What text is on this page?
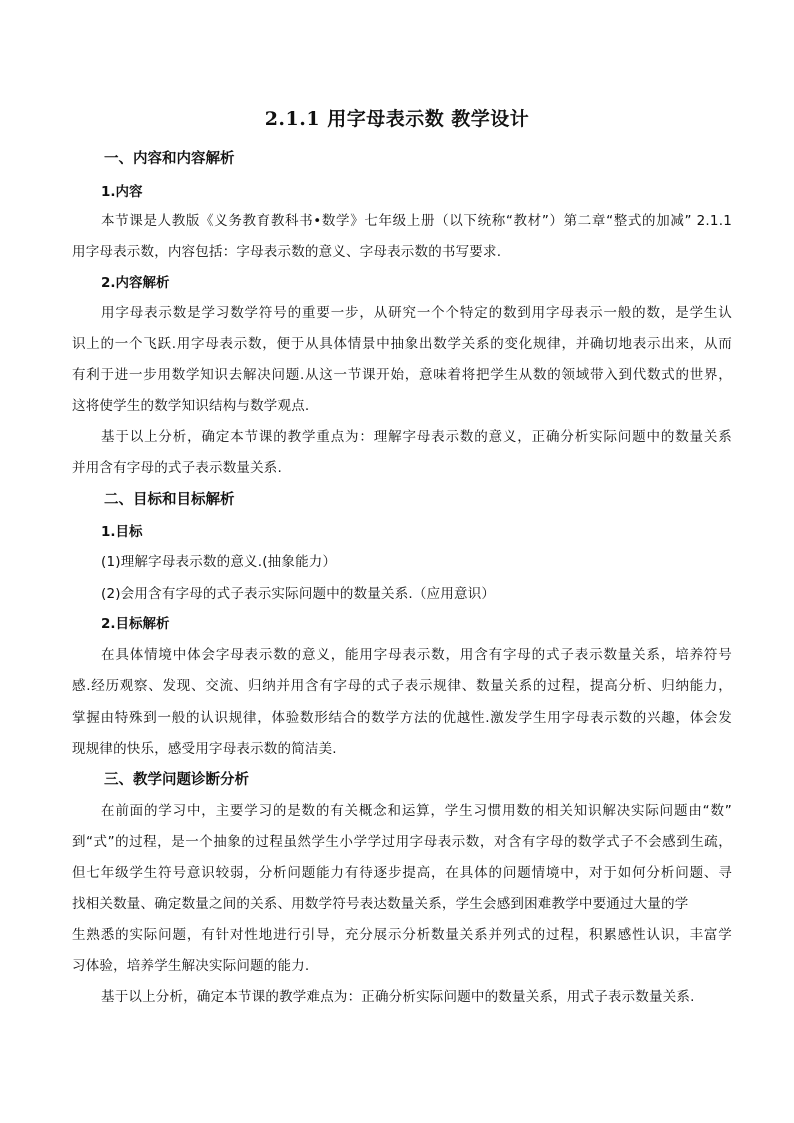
2.1.1 用字母表示数 教学设计
一、内容和内容解析
1.内容
本节课是人教版《义务教育教科书•数学》七年级上册（以下统称“教材”）第二章“整式的加减” 2.1.1
用字母表示数，内容包括：字母表示数的意义、字母表示数的书写要求.
2.内容解析
用字母表示数是学习数学符号的重要一步，从研究一个个特定的数到用字母表示一般的数，是学生认
识上的一个飞跃.用字母表示数，便于从具体情景中抽象出数学关系的变化规律，并确切地表示出来，从而
有利于进一步用数学知识去解决问题.从这一节课开始，意味着将把学生从数的领域带入到代数式的世界，
这将使学生的数学知识结构与数学观点.
基于以上分析，确定本节课的教学重点为：理解字母表示数的意义，正确分析实际问题中的数量关系
并用含有字母的式子表示数量关系.
二、目标和目标解析
1.目标
(1)理解字母表示数的意义.(抽象能力）
(2)会用含有字母的式子表示实际问题中的数量关系.（应用意识）
2.目标解析
在具体情境中体会字母表示数的意义，能用字母表示数，用含有字母的式子表示数量关系，培养符号
感.经历观察、发现、交流、归纳并用含有字母的式子表示规律、数量关系的过程，提高分析、归纳能力，
掌握由特殊到一般的认识规律，体验数形结合的数学方法的优越性.激发学生用字母表示数的兴趣，体会发
现规律的快乐，感受用字母表示数的简洁美.
三、教学问题诊断分析
在前面的学习中，主要学习的是数的有关概念和运算，学生习惯用数的相关知识解决实际问题由“数”
到“式”的过程，是一个抽象的过程虽然学生小学学过用字母表示数，对含有字母的数学式子不会感到生疏，
但七年级学生符号意识较弱，分析问题能力有待逐步提高，在具体的问题情境中，对于如何分析问题、寻
找相关数量、确定数量之间的关系、用数学符号表达数量关系，学生会感到困难教学中要通过大量的学
生熟悉的实际问题，有针对性地进行引导，充分展示分析数量关系并列式的过程，积累感性认识，丰富学
习体验，培养学生解决实际问题的能力.
基于以上分析，确定本节课的教学难点为：正确分析实际问题中的数量关系，用式子表示数量关系.
